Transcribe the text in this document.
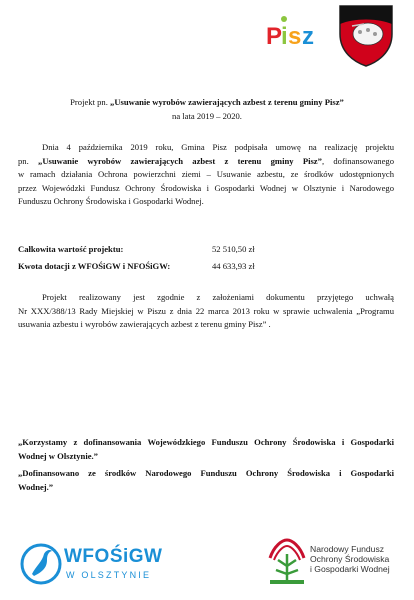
P
i s z
Projekt pn. „Usuwanie wyrobów zawierających azbest z terenu gminy Pisz”
na lata 2019 – 2020.
Dnia 4 października 2019 roku, Gmina Pisz podpisała umowę na realizację projektu
pn. „Usuwanie wyrobów zawierających azbest z terenu gminy Pisz”, dofinansowanego
w ramach działania Ochrona powierzchni ziemi – Usuwanie azbestu, ze środków udostępnionych
przez Wojewódzki Fundusz Ochrony Środowiska i Gospodarki Wodnej w Olsztynie i Narodowego
Funduszu Ochrony Środowiska i Gospodarki Wodnej.
Całkowita wartość projektu:	52 510,50 zł
Kwota dotacji z WFOŚiGW i NFOŚiGW:	44 633,93 zł
Projekt realizowany jest zgodnie z założeniami dokumentu przyjętego uchwałą
Nr XXX/388/13 Rady Miejskiej w Piszu z dnia 22 marca 2013 roku w sprawie uchwalenia „Programu
usuwania azbestu i wyrobów zawierających azbest z terenu gminy Pisz” .
„Korzystamy z dofinansowania Wojewódzkiego Funduszu Ochrony Środowiska i Gospodarki
Wodnej w Olsztynie.”
„Dofinansowano ze środków Narodowego Funduszu Ochrony Środowiska i Gospodarki
Wodnej.”
WFOŚiGW
W OLSZTYNIE
Narodowy Fundusz
Ochrony Środowiska
i Gospodarki Wodnej
